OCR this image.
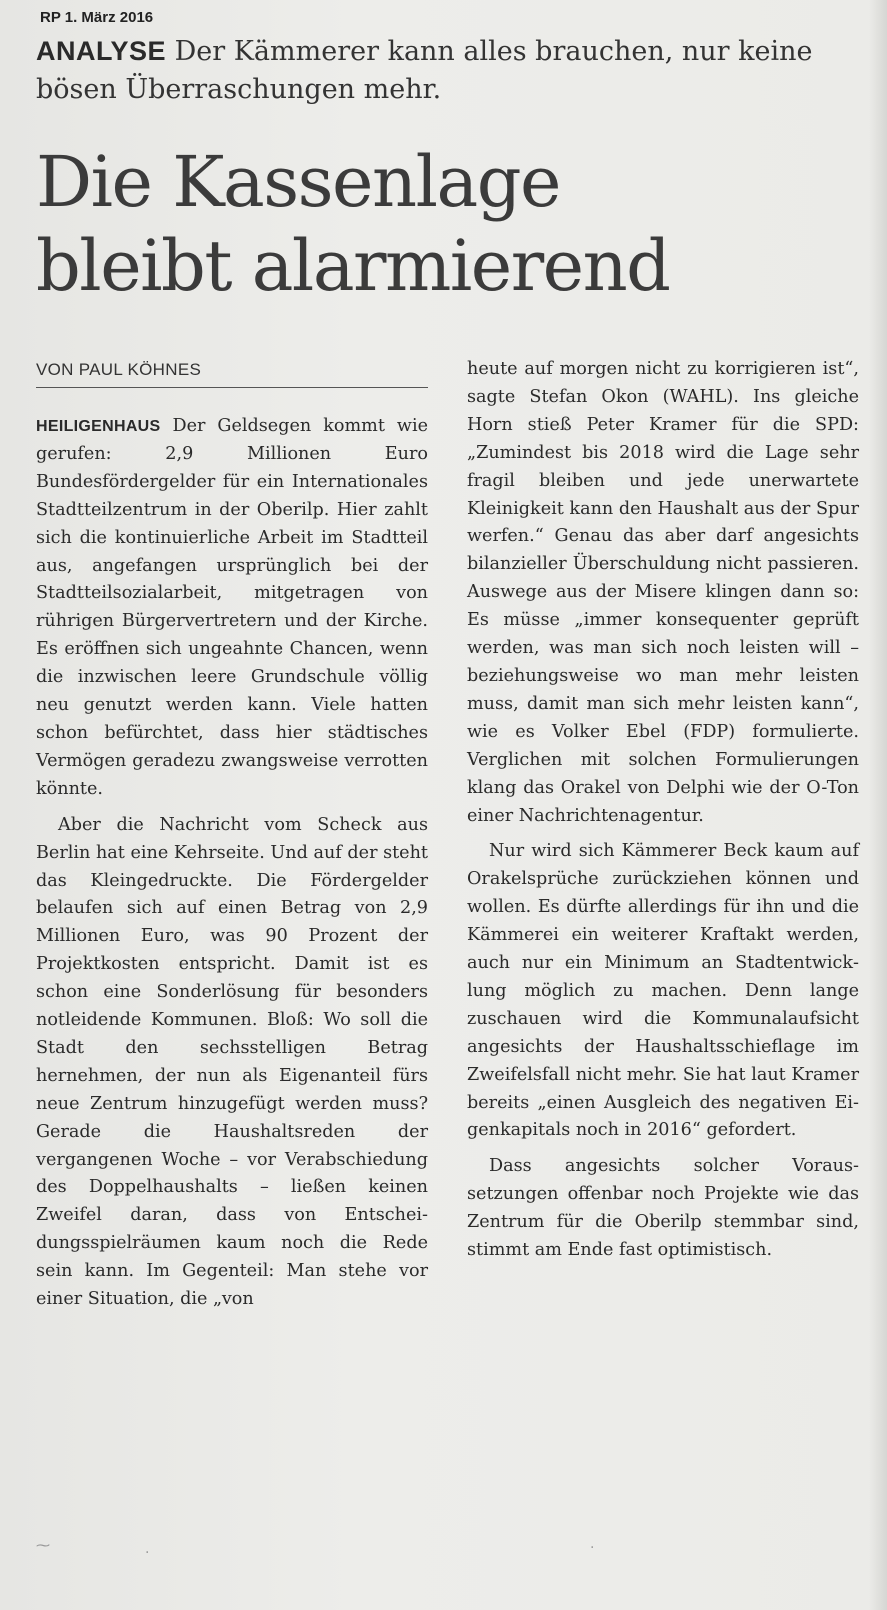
RP 1. März 2016
ANALYSE Der Kämmerer kann alles brauchen, nur keine bösen Überraschungen mehr.
Die Kassenlage
bleibt alarmierend
VON PAUL KÖHNES

HEILIGENHAUS Der Geldsegen kommt wie gerufen: 2,9 Millionen Euro Bundesfördergelder für ein Internationales Stadtteilzentrum in der Oberilp. Hier zahlt sich die kontinuierliche Arbeit im Stadtteil aus, angefangen ursprünglich bei der Stadtteilsozialarbeit, mitgetragen von rührigen Bürgervertretern und der Kirche. Es eröffnen sich ungeahnte Chancen, wenn die inzwischen leere Grundschule völlig neu genutzt werden kann. Viele hatten schon befürchtet, dass hier städtisches Vermögen geradezu zwangsweise verrotten könnte.

Aber die Nachricht vom Scheck aus Berlin hat eine Kehrseite. Und auf der steht das Kleingedruckte. Die Fördergelder belaufen sich auf einen Betrag von 2,9 Millionen Euro, was 90 Prozent der Projektkosten entspricht. Damit ist es schon eine Sonderlösung für besonders notleidende Kommunen. Bloß: Wo soll die Stadt den sechsstelligen Betrag hernehmen, der nun als Eigenanteil fürs neue Zentrum hinzugefügt werden muss? Gerade die Haushaltsreden der vergangenen Woche – vor Verabschiedung des Doppelhaushalts – ließen keinen Zweifel daran, dass von Entscheidungsspielräumen kaum noch die Rede sein kann. Im Gegenteil: Man stehe vor einer Situation, die „von

heute auf morgen nicht zu korrigieren ist“, sagte Stefan Okon (WAHL). Ins gleiche Horn stieß Peter Kramer für die SPD: „Zumindest bis 2018 wird die Lage sehr fragil bleiben und jede unerwartete Kleinigkeit kann den Haushalt aus der Spur werfen.“ Genau das aber darf angesichts bilanzieller Überschuldung nicht passieren. Auswege aus der Misere klingen dann so: Es müsse „immer konsequenter geprüft werden, was man sich noch leisten will – beziehungsweise wo man mehr leisten muss, damit man sich mehr leisten kann“, wie es Volker Ebel (FDP) formulierte. Verglichen mit solchen Formulierungen klang das Orakel von Delphi wie der O-Ton einer Nachrichtenagentur.

Nur wird sich Kämmerer Beck kaum auf Orakelsprüche zurückziehen können und wollen. Es dürfte allerdings für ihn und die Kämmerei ein weiterer Kraftakt werden, auch nur ein Minimum an Stadtentwicklung möglich zu machen. Denn lange zuschauen wird die Kommunalaufsicht angesichts der Haushaltsschieflage im Zweifelsfall nicht mehr. Sie hat laut Kramer bereits „einen Ausgleich des negativen Eigenkapitals noch in 2016“ gefordert.

Dass angesichts solcher Voraussetzungen offenbar noch Projekte wie das Zentrum für die Oberilp stemmbar sind, stimmt am Ende fast optimistisch.

⁓	·	·
